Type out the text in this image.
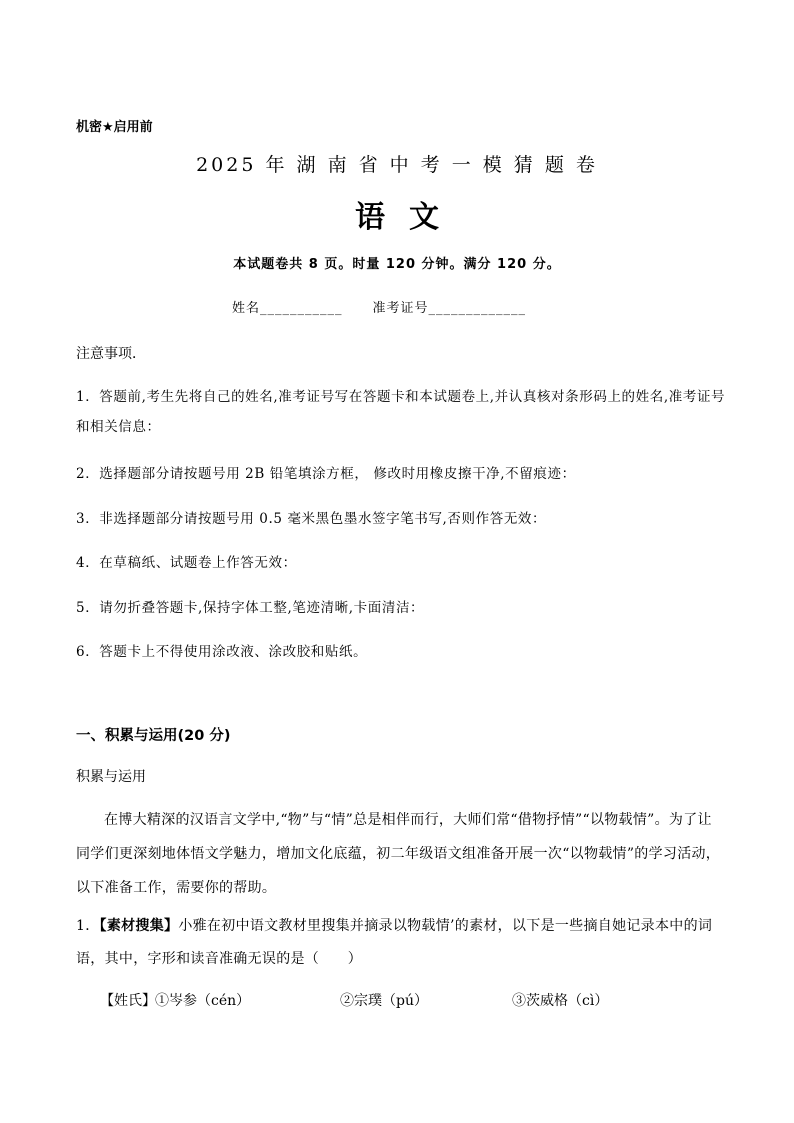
机密★启用前
2025 年 湖 南 省 中 考 一 模 猜 题 卷
语文
本试题卷共 8 页。时量 120 分钟。满分 120 分。
姓名___________ 准考证号_____________
注意事项．
1．答题前,考生先将自己的姓名,准考证号写在答题卡和本试题卷上,并认真核对条形码上的姓名,准考证号和相关信息：
2．选择题部分请按题号用 2B 铅笔填涂方框， 修改时用橡皮擦干净,不留痕迹：
3．非选择题部分请按题号用 0.5 毫米黑色墨水签字笔书写,否则作答无效：
4．在草稿纸、试题卷上作答无效：
5．请勿折叠答题卡,保持字体工整,笔迹清晰,卡面清洁：
6．答题卡上不得使用涂改液、涂改胶和贴纸。
一、积累与运用(20 分)
积累与运用
在博大精深的汉语言文学中,“物”与“情”总是相伴而行，大师们常“借物抒情”“以物载情”。为了让同学们更深刻地体悟文学魅力，增加文化底蕴，初二年级语文组准备开展一次“以物载情”的学习活动，以下准备工作，需要你的帮助。
1．【素材搜集】小雅在初中语文教材里搜集并摘录以物载情’的素材，以下是一些摘自她记录本中的词语，其中，字形和读音准确无误的是（　　）
【姓氏】 ①岑参（cén）	②宗璞（pú）	③茨威格（cì）
